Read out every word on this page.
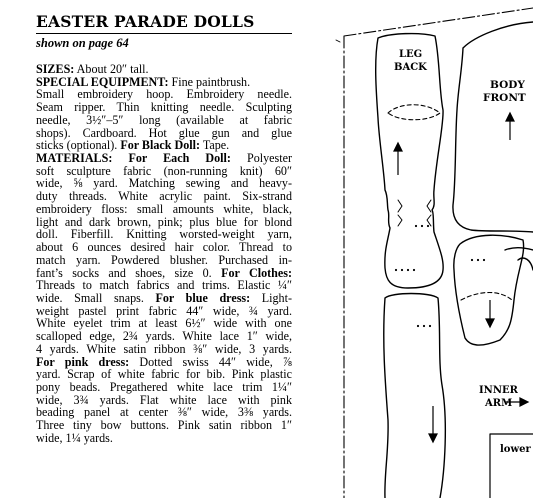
EASTER PARADE DOLLS
shown on page 64
SIZES: About 20″ tall.
SPECIAL EQUIPMENT: Fine paintbrush.
Small embroidery hoop. Embroidery needle.
Seam ripper. Thin knitting needle. Sculpting
needle, 3½″–5″ long (available at fabric
shops). Cardboard. Hot glue gun and glue
sticks (optional). For Black Doll: Tape.
MATERIALS: For Each Doll: Polyester
soft sculpture fabric (non-running knit) 60″
wide, ⅝ yard. Matching sewing and heavy-
duty threads. White acrylic paint. Six-strand
embroidery floss: small amounts white, black,
light and dark brown, pink; plus blue for blond
doll. Fiberfill. Knitting worsted-weight yarn,
about 6 ounces desired hair color. Thread to
match yarn. Powdered blusher. Purchased in-
fant’s socks and shoes, size 0. For Clothes:
Threads to match fabrics and trims. Elastic ¼″
wide. Small snaps. For blue dress: Light-
weight pastel print fabric 44″ wide, ¾ yard.
White eyelet trim at least 6½″ wide with one
scalloped edge, 2¾ yards. White lace 1″ wide,
4 yards. White satin ribbon ⅜″ wide, 3 yards.
For pink dress: Dotted swiss 44″ wide, ⅞
yard. Scrap of white fabric for bib. Pink plastic
pony beads. Pregathered white lace trim 1¼″
wide, 3¾ yards. Flat white lace with pink
beading panel at center ⅜″ wide, 3⅜ yards.
Three tiny bow buttons. Pink satin ribbon 1″
wide, 1¼ yards.
LEG
BACK
BODY
FRONT
INNER
ARM
lower
